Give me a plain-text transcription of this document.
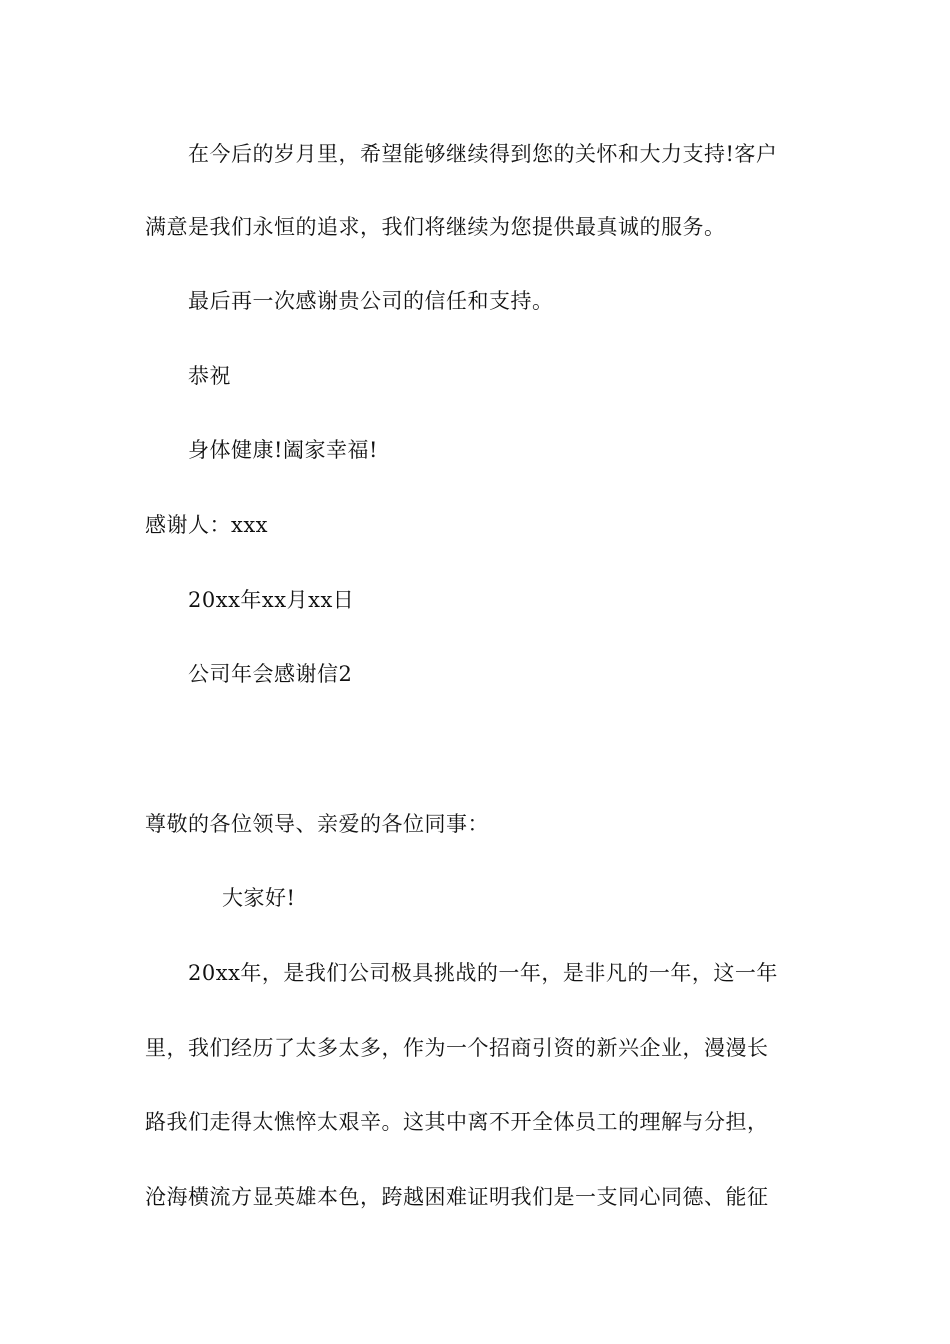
在今后的岁月里，希望能够继续得到您的关怀和大力支持!客户
满意是我们永恒的追求，我们将继续为您提供最真诚的服务。
最后再一次感谢贵公司的信任和支持。
恭祝
身体健康!阖家幸福!
感谢人：xxx
20xx年xx月xx日
公司年会感谢信2
尊敬的各位领导、亲爱的各位同事：
大家好!
20xx年，是我们公司极具挑战的一年，是非凡的一年，这一年
里，我们经历了太多太多，作为一个招商引资的新兴企业，漫漫长
路我们走得太憔悴太艰辛。这其中离不开全体员工的理解与分担，
沧海横流方显英雄本色，跨越困难证明我们是一支同心同德、能征
